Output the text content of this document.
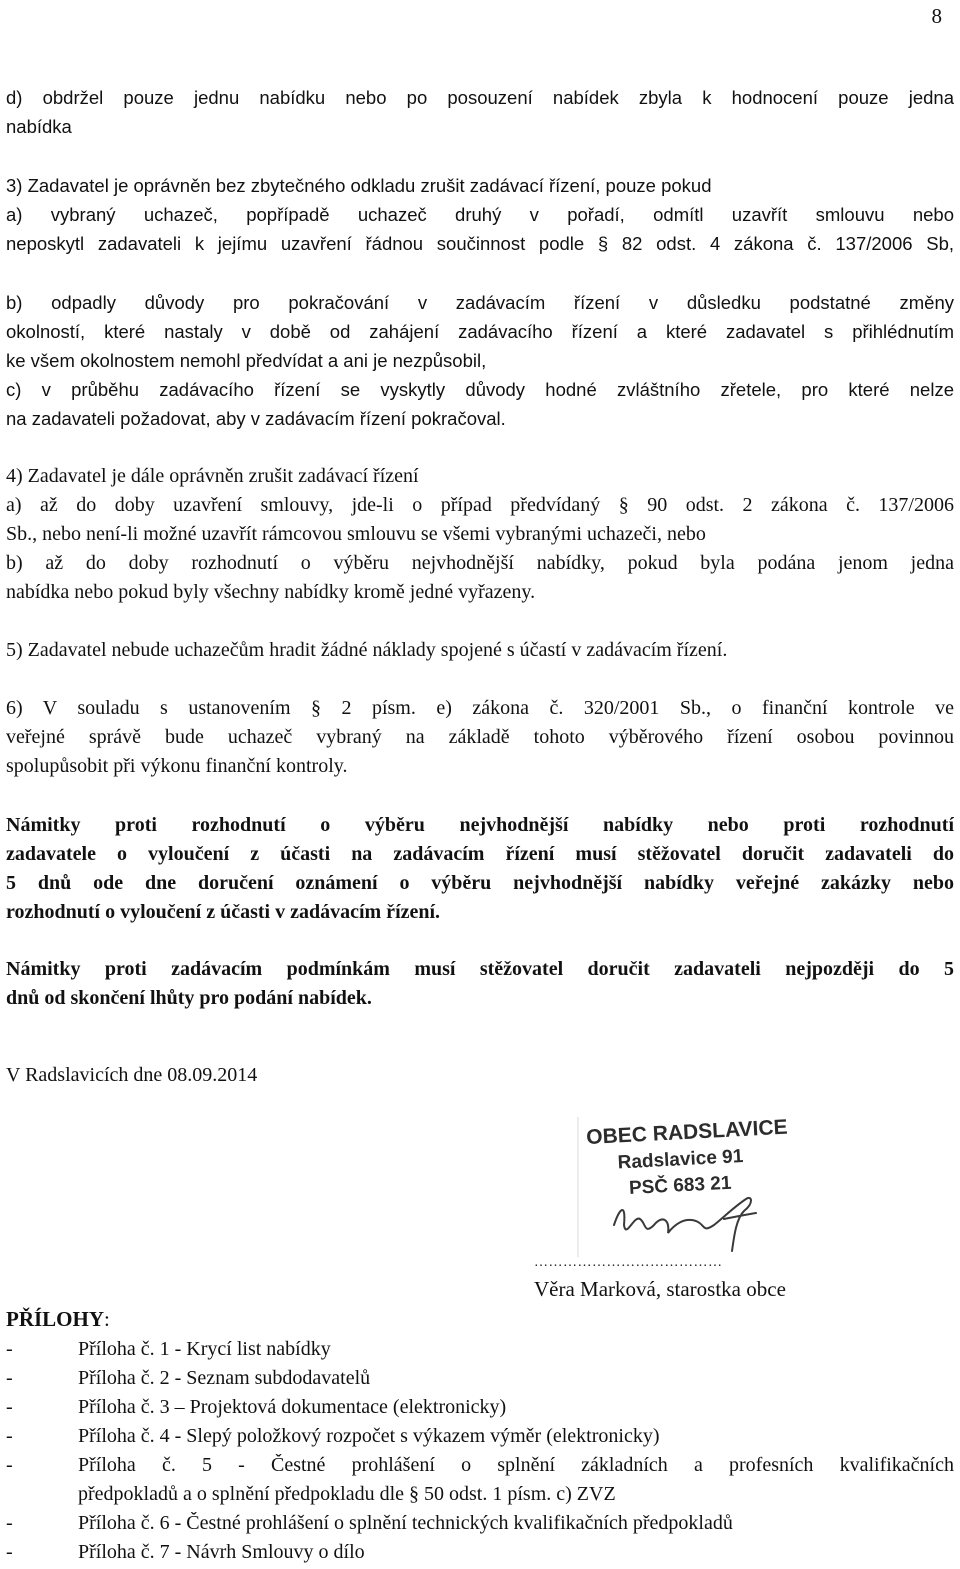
8
d) obdržel pouze jednu nabídku nebo po posouzení nabídek zbyla k hodnocení pouze jedna
nabídka
3) Zadavatel je oprávněn bez zbytečného odkladu zrušit zadávací řízení, pouze pokud
a) vybraný uchazeč, popřípadě uchazeč druhý v pořadí, odmítl uzavřít smlouvu nebo
neposkytl zadavateli k jejímu uzavření řádnou součinnost podle § 82 odst. 4 zákona č. 137/2006 Sb,
b) odpadly důvody pro pokračování v zadávacím řízení v důsledku podstatné změny
okolností, které nastaly v době od zahájení zadávacího řízení a které zadavatel s přihlédnutím
ke všem okolnostem nemohl předvídat a ani je nezpůsobil,
c) v průběhu zadávacího řízení se vyskytly důvody hodné zvláštního zřetele, pro které nelze
na zadavateli požadovat, aby v zadávacím řízení pokračoval.
4) Zadavatel je dále oprávněn zrušit zadávací řízení
a) až do doby uzavření smlouvy, jde-li o případ předvídaný § 90 odst. 2 zákona č. 137/2006
Sb., nebo není-li možné uzavřít rámcovou smlouvu se všemi vybranými uchazeči, nebo
b) až do doby rozhodnutí o výběru nejvhodnější nabídky, pokud byla podána jenom jedna
nabídka nebo pokud byly všechny nabídky kromě jedné vyřazeny.
5) Zadavatel nebude uchazečům hradit žádné náklady spojené s účastí v zadávacím řízení.
6) V souladu s ustanovením § 2 písm. e) zákona č. 320/2001 Sb., o finanční kontrole ve
veřejné správě bude uchazeč vybraný na základě tohoto výběrového řízení osobou povinnou
spolupůsobit při výkonu finanční kontroly.
Námitky proti rozhodnutí o výběru nejvhodnější nabídky nebo proti rozhodnutí
zadavatele o vyloučení z účasti na zadávacím řízení musí stěžovatel doručit zadavateli do
5 dnů ode dne doručení oznámení o výběru nejvhodnější nabídky veřejné zakázky nebo
rozhodnutí o vyloučení z účasti v zadávacím řízení.
Námitky proti zadávacím podmínkám musí stěžovatel doručit zadavateli nejpozději do 5
dnů od skončení lhůty pro podání nabídek.
V Radslavicích dne 08.09.2014
OBEC RADSLAVICE
Radslavice 91
PSČ 683 21
…………………………………
Věra Marková, starostka obce
PŘÍLOHY:
-	Příloha č. 1 - Krycí list nabídky
-	Příloha č. 2 - Seznam subdodavatelů
-	Příloha č. 3 – Projektová dokumentace (elektronicky)
-	Příloha č. 4 - Slepý položkový rozpočet s výkazem výměr (elektronicky)
-	Příloha č. 5 - Čestné prohlášení o splnění základních a profesních kvalifikačních
předpokladů a o splnění předpokladu dle § 50 odst. 1 písm. c) ZVZ
-	Příloha č. 6 - Čestné prohlášení o splnění technických kvalifikačních předpokladů
-	Příloha č. 7 - Návrh Smlouvy o dílo
